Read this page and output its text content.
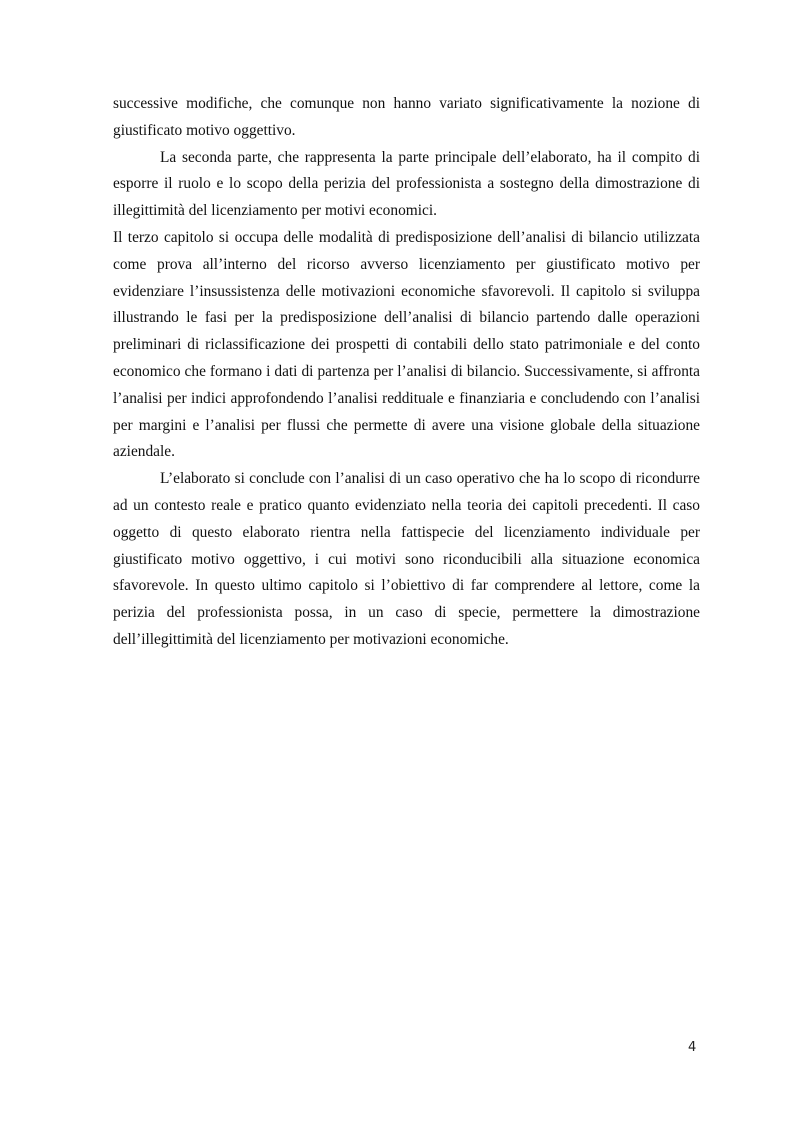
successive modifiche, che comunque non hanno variato significativamente la nozione di giustificato motivo oggettivo.

La seconda parte, che rappresenta la parte principale dell’elaborato, ha il compito di esporre il ruolo e lo scopo della perizia del professionista a sostegno della dimostrazione di illegittimità del licenziamento per motivi economici.

Il terzo capitolo si occupa delle modalità di predisposizione dell’analisi di bilancio utilizzata come prova all’interno del ricorso avverso licenziamento per giustificato motivo per evidenziare l’insussistenza delle motivazioni economiche sfavorevoli. Il capitolo si sviluppa illustrando le fasi per la predisposizione dell’analisi di bilancio partendo dalle operazioni preliminari di riclassificazione dei prospetti di contabili dello stato patrimoniale e del conto economico che formano i dati di partenza per l’analisi di bilancio. Successivamente, si affronta l’analisi per indici approfondendo l’analisi reddituale e finanziaria e concludendo con l’analisi per margini e l’analisi per flussi che permette di avere una visione globale della situazione aziendale.

L’elaborato si conclude con l’analisi di un caso operativo che ha lo scopo di ricondurre ad un contesto reale e pratico quanto evidenziato nella teoria dei capitoli precedenti. Il caso oggetto di questo elaborato rientra nella fattispecie del licenziamento individuale per giustificato motivo oggettivo, i cui motivi sono riconducibili alla situazione economica sfavorevole. In questo ultimo capitolo si l’obiettivo di far comprendere al lettore, come la perizia del professionista possa, in un caso di specie, permettere la dimostrazione dell’illegittimità del licenziamento per motivazioni economiche.

4
